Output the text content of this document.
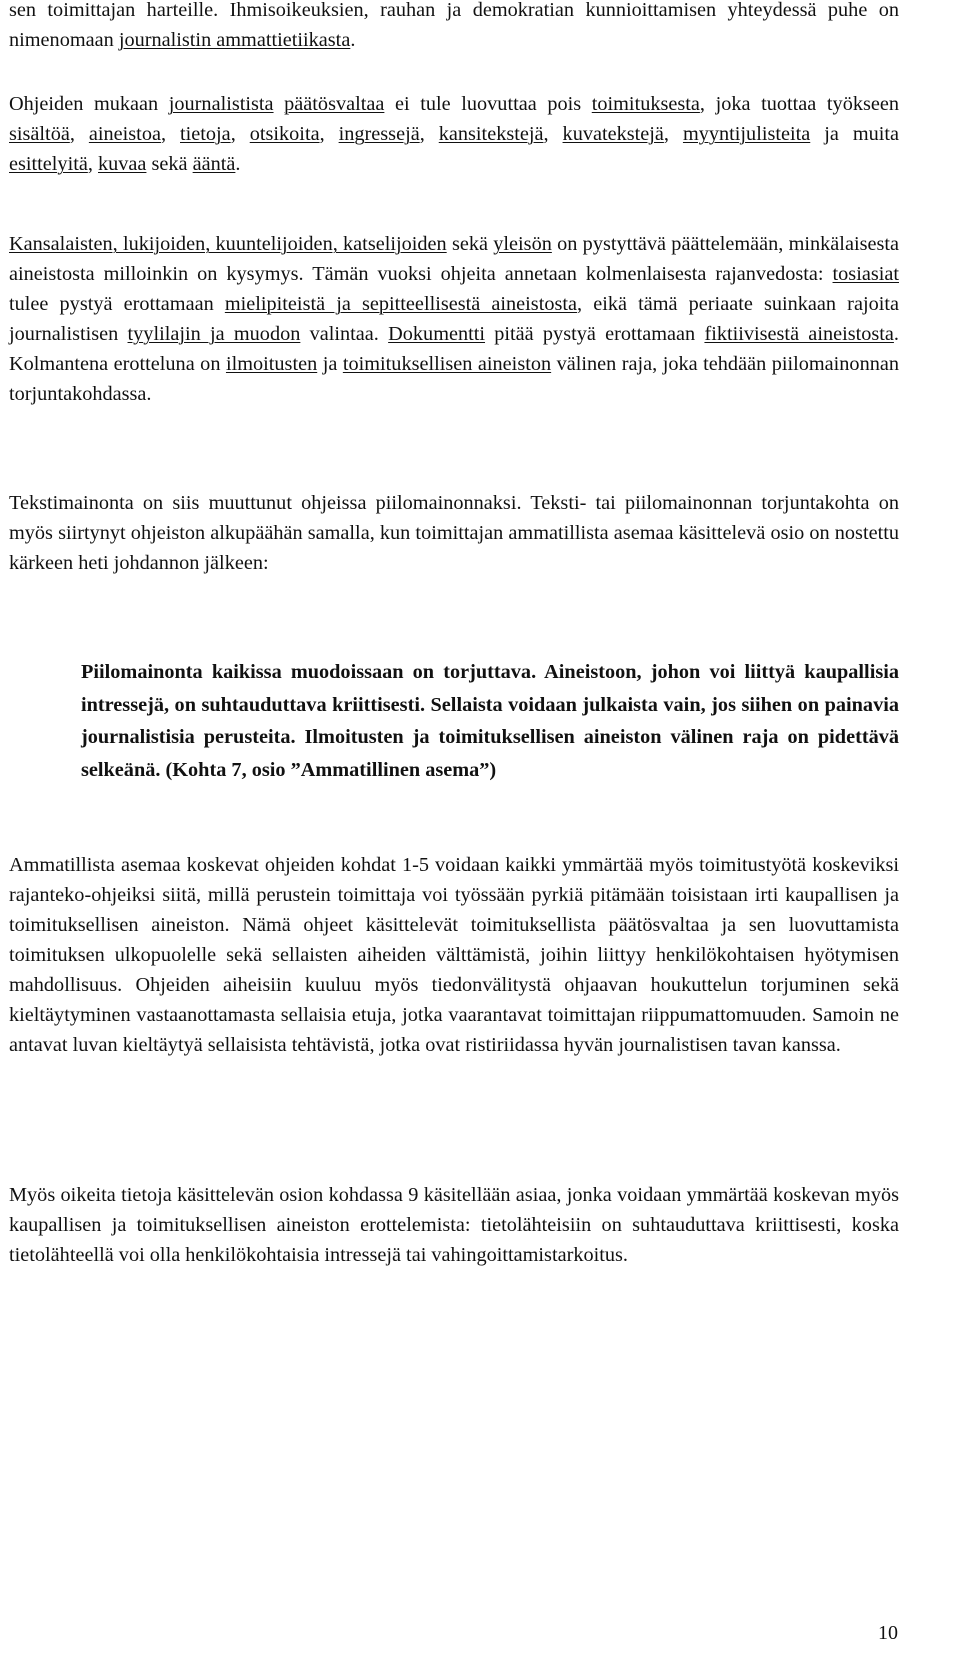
sen toimittajan harteille. Ihmisoikeuksien, rauhan ja demokratian kunnioittamisen yhteydessä puhe on nimenomaan journalistin ammattietiikasta.

Ohjeiden mukaan journalistista päätösvaltaa ei tule luovuttaa pois toimituksesta, joka tuottaa työkseen sisältöä, aineistoa, tietoja, otsikoita, ingressejä, kansitekstejä, kuvatekstejä, myyntijulisteita ja muita esittelyitä, kuvaa sekä ääntä.

Kansalaisten, lukijoiden, kuuntelijoiden, katselijoiden sekä yleisön on pystyttävä päättelemään, minkälaisesta aineistosta milloinkin on kysymys. Tämän vuoksi ohjeita annetaan kolmenlaisesta rajanvedosta: tosiasiat tulee pystyä erottamaan mielipiteistä ja sepitteellisestä aineistosta, eikä tämä periaate suinkaan rajoita journalistisen tyylilajin ja muodon valintaa. Dokumentti pitää pystyä erottamaan fiktiivisestä aineistosta. Kolmantena erotteluna on ilmoitusten ja toimituksellisen aineiston välinen raja, joka tehdään piilomainonnan torjuntakohdassa.

Tekstimainonta on siis muuttunut ohjeissa piilomainonnaksi. Teksti- tai piilomainonnan torjuntakohta on myös siirtynyt ohjeiston alkupäähän samalla, kun toimittajan ammatillista asemaa käsittelevä osio on nostettu kärkeen heti johdannon jälkeen:

Piilomainonta kaikissa muodoissaan on torjuttava. Aineistoon, johon voi liittyä kaupallisia intressejä, on suhtauduttava kriittisesti. Sellaista voidaan julkaista vain, jos siihen on painavia journalistisia perusteita. Ilmoitusten ja toimituksellisen aineiston välinen raja on pidettävä selkeänä. (Kohta 7, osio ”Ammatillinen asema”)

Ammatillista asemaa koskevat ohjeiden kohdat 1-5 voidaan kaikki ymmärtää myös toimitustyötä koskeviksi rajanteko-ohjeiksi siitä, millä perustein toimittaja voi työssään pyrkiä pitämään toisistaan irti kaupallisen ja toimituksellisen aineiston. Nämä ohjeet käsittelevät toimituksellista päätösvaltaa ja sen luovuttamista toimituksen ulkopuolelle sekä sellaisten aiheiden välttämistä, joihin liittyy henkilökohtaisen hyötymisen mahdollisuus. Ohjeiden aiheisiin kuuluu myös tiedonvälitystä ohjaavan houkuttelun torjuminen sekä kieltäytyminen vastaanottamasta sellaisia etuja, jotka vaarantavat toimittajan riippumattomuuden. Samoin ne antavat luvan kieltäytyä sellaisista tehtävistä, jotka ovat ristiriidassa hyvän journalistisen tavan kanssa.

Myös oikeita tietoja käsittelevän osion kohdassa 9 käsitellään asiaa, jonka voidaan ymmärtää koskevan myös kaupallisen ja toimituksellisen aineiston erottelemista: tietolähteisiin on suhtauduttava kriittisesti, koska tietolähteellä voi olla henkilökohtaisia intressejä tai vahingoittamistarkoitus.

10
